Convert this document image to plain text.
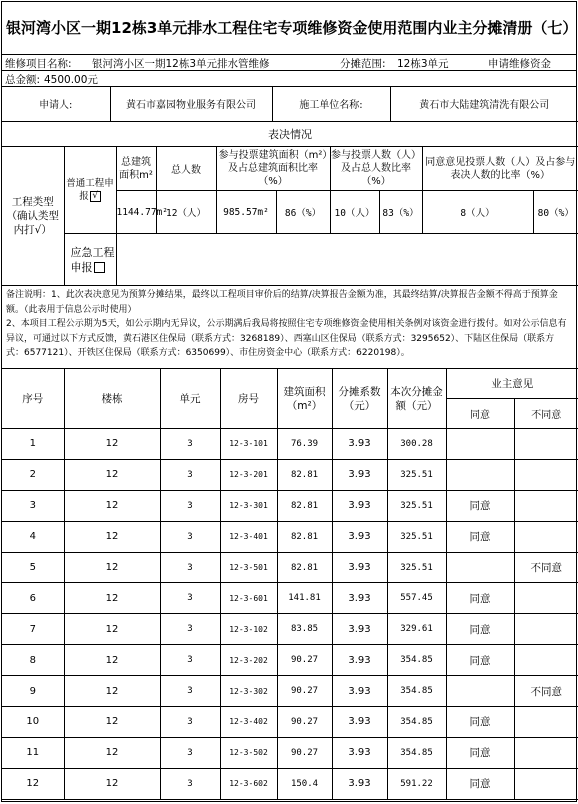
银河湾小区一期12栋3单元排水工程住宅专项维修资金使用范围内业主分摊清册（七）
维修项目名称: 银河湾小区一期12栋3单元排水管维修	分摊范围: 12栋3单元	申请维修资金
总金额: 4500.00元
申请人:	黄石市嘉园物业服务有限公司	施工单位名称:	黄石市大陆建筑清洗有限公司
表决情况									
工程类型（确认类型内打√）	普通工程申报 √	总建筑面积m²	总人数	参与投票建筑面积（m²）及占总建筑面积比率（%）		参与投票人数（人）及占总人数比率（%）		同意意见投票人数（人）及占参与表决人数的比率（%）	
		1144.77m²	12（人）	985.57m²	86（%）	10（人）	83（%）	8（人）	80（%）
	应急工程申报								
备注说明：1、此次表决意见为预算分摊结果，最终以工程项目审价后的结算/决算报告金额为准，其最终结算/决算报告金额不得高于预算金额。（此表用于信息公示时使用）
2、本项目工程公示期为5天，如公示期内无异议，公示期满后我局将按照住宅专项维修资金使用相关条例对该资金进行拨付。如对公示信息有异议，可通过以下方式反馈，黄石港区住保局（联系方式：3268189）、西塞山区住保局（联系方式：3295652）、下陆区住保局（联系方式：6577121）、开铁区住保局（联系方式：6350699）、市住房资金中心（联系方式：6220198）。
序号	楼栋	单元	房号	建筑面积（m²）	分摊系数（元）	本次分摊金额（元）	业主意见	
							同意	不同意
1	12	3	12-3-101	76.39	3.93	300.28		
2	12	3	12-3-201	82.81	3.93	325.51		
3	12	3	12-3-301	82.81	3.93	325.51	同意	
4	12	3	12-3-401	82.81	3.93	325.51	同意	
5	12	3	12-3-501	82.81	3.93	325.51		不同意
6	12	3	12-3-601	141.81	3.93	557.45	同意	
7	12	3	12-3-102	83.85	3.93	329.61	同意	
8	12	3	12-3-202	90.27	3.93	354.85	同意	
9	12	3	12-3-302	90.27	3.93	354.85		不同意
10	12	3	12-3-402	90.27	3.93	354.85	同意	
11	12	3	12-3-502	90.27	3.93	354.85	同意	
12	12	3	12-3-602	150.4	3.93	591.22	同意	
